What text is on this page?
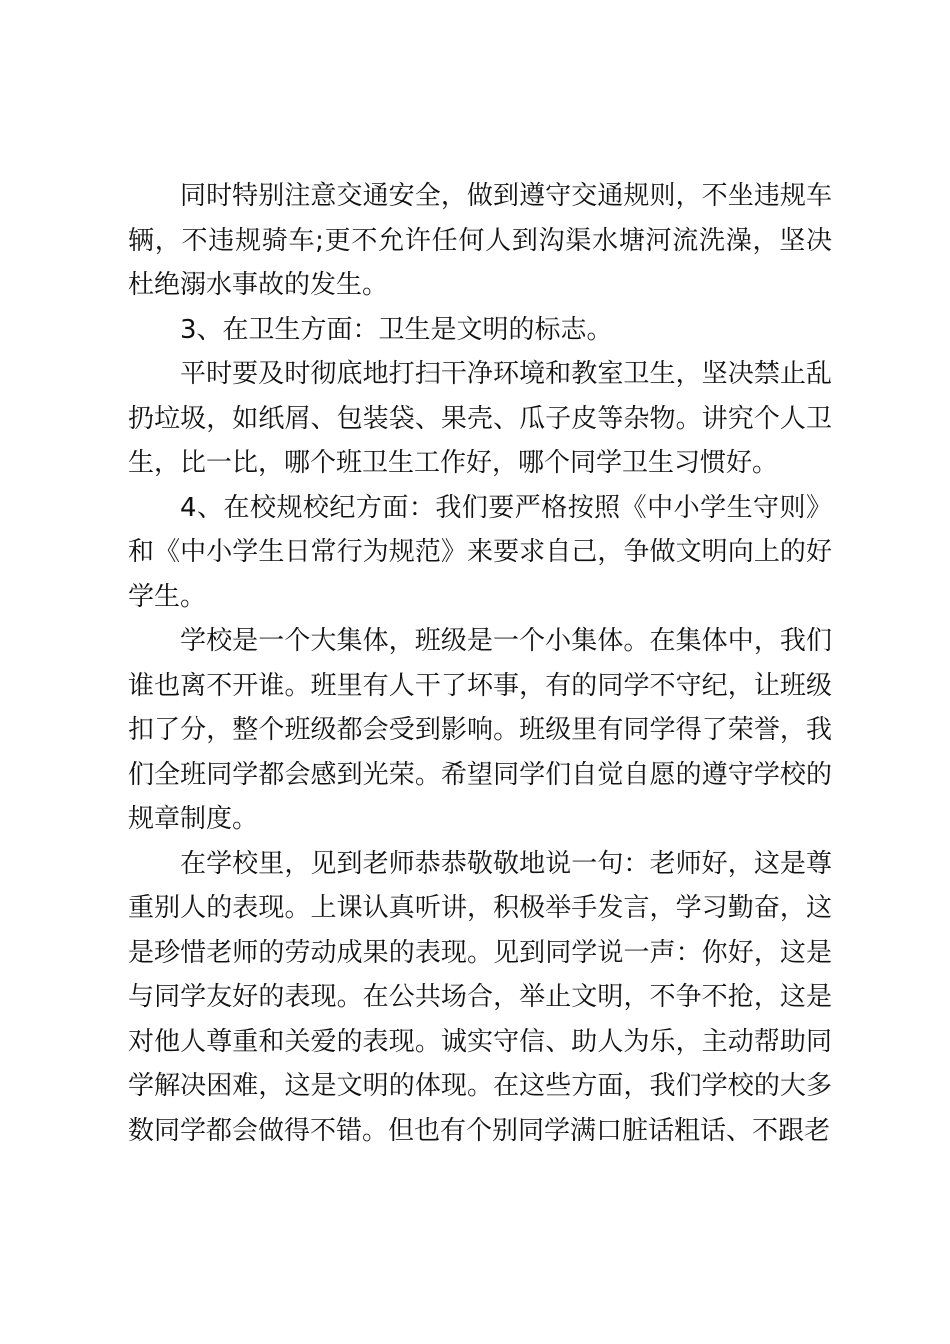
同时特别注意交通安全，做到遵守交通规则，不坐违规车辆，不违规骑车;更不允许任何人到沟渠水塘河流洗澡，坚决杜绝溺水事故的发生。

3、在卫生方面：卫生是文明的标志。

平时要及时彻底地打扫干净环境和教室卫生，坚决禁止乱扔垃圾，如纸屑、包装袋、果壳、瓜子皮等杂物。讲究个人卫生，比一比，哪个班卫生工作好，哪个同学卫生习惯好。

4、在校规校纪方面：我们要严格按照《中小学生守则》和《中小学生日常行为规范》来要求自己，争做文明向上的好学生。

学校是一个大集体，班级是一个小集体。在集体中，我们谁也离不开谁。班里有人干了坏事，有的同学不守纪，让班级扣了分，整个班级都会受到影响。班级里有同学得了荣誉，我们全班同学都会感到光荣。希望同学们自觉自愿的遵守学校的规章制度。

在学校里，见到老师恭恭敬敬地说一句：老师好，这是尊重别人的表现。上课认真听讲，积极举手发言，学习勤奋，这是珍惜老师的劳动成果的表现。见到同学说一声：你好，这是与同学友好的表现。在公共场合，举止文明，不争不抢，这是对他人尊重和关爱的表现。诚实守信、助人为乐，主动帮助同学解决困难，这是文明的体现。在这些方面，我们学校的大多数同学都会做得不错。但也有个别同学满口脏话粗话、不跟老
